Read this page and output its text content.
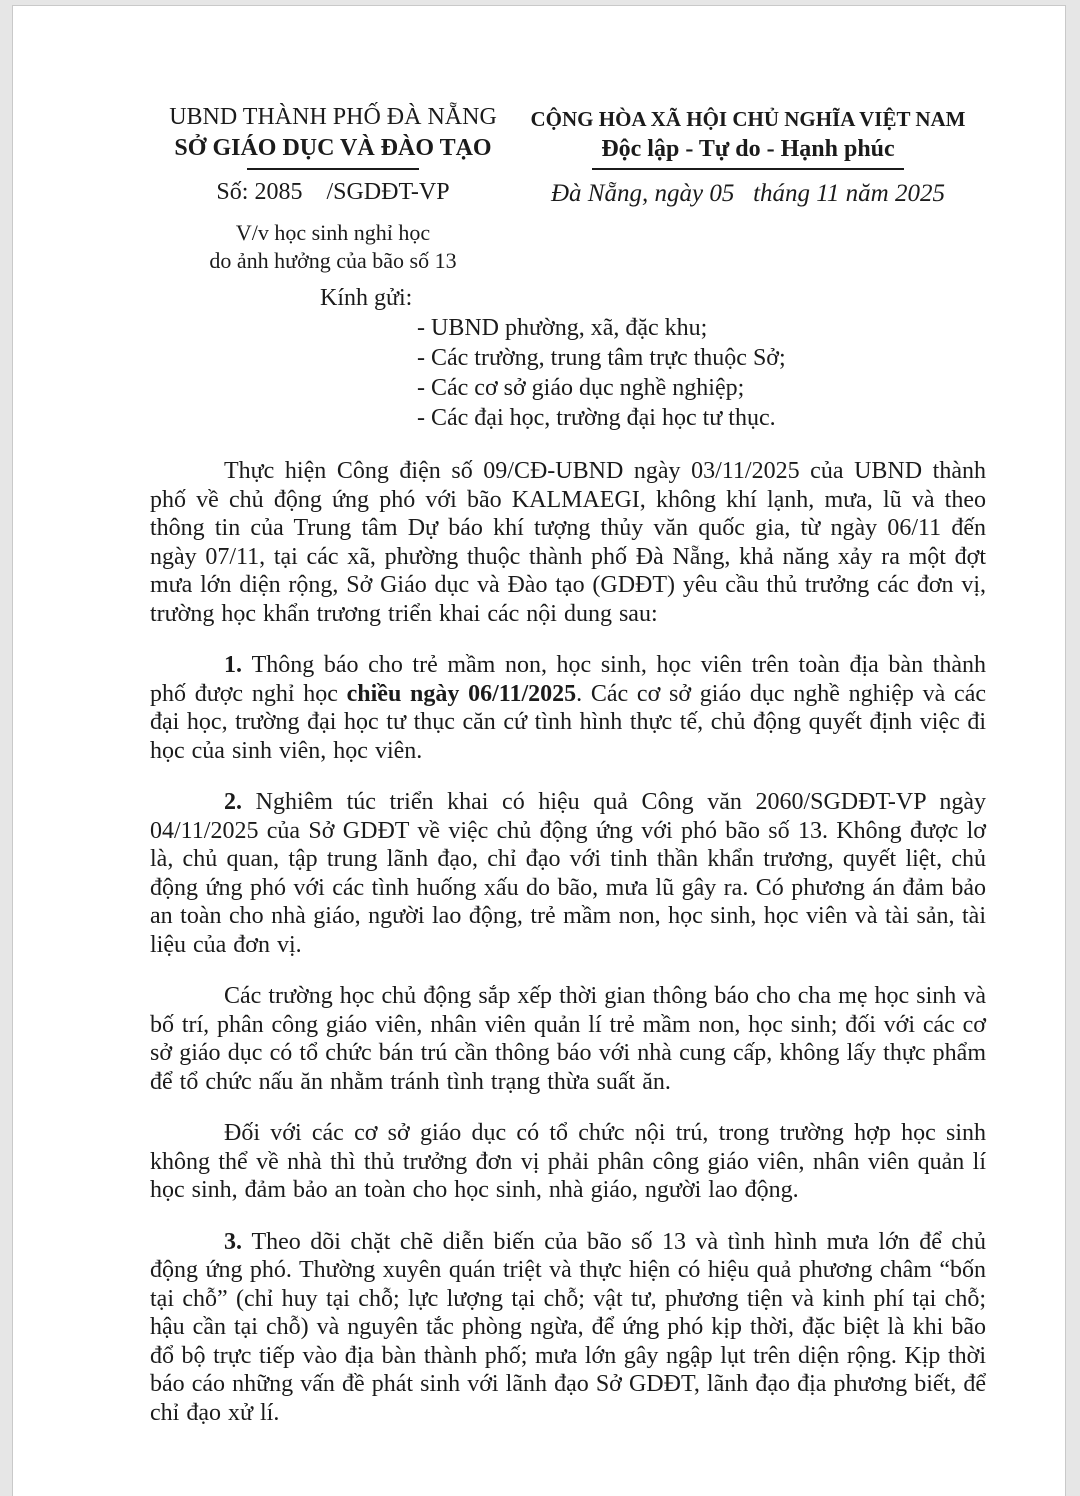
UBND THÀNH PHỐ ĐÀ NẴNG
SỞ GIÁO DỤC VÀ ĐÀO TẠO
Số: 2085    /SGDĐT-VP
V/v học sinh nghỉ học
do ảnh hưởng của bão số 13
CỘNG HÒA XÃ HỘI CHỦ NGHĨA VIỆT NAM
Độc lập - Tự do - Hạnh phúc
Đà Nẵng, ngày 05   tháng 11 năm 2025
Kính gửi:
- UBND phường, xã, đặc khu;
- Các trường, trung tâm trực thuộc Sở;
- Các cơ sở giáo dục nghề nghiệp;
- Các đại học, trường đại học tư thục.

Thực hiện Công điện số 09/CĐ-UBND ngày 03/11/2025 của UBND thành phố về chủ động ứng phó với bão KALMAEGI, không khí lạnh, mưa, lũ và theo thông tin của Trung tâm Dự báo khí tượng thủy văn quốc gia, từ ngày 06/11 đến ngày 07/11, tại các xã, phường thuộc thành phố Đà Nẵng, khả năng xảy ra một đợt mưa lớn diện rộng, Sở Giáo dục và Đào tạo (GDĐT) yêu cầu thủ trưởng các đơn vị, trường học khẩn trương triển khai các nội dung sau:

1. Thông báo cho trẻ mầm non, học sinh, học viên trên toàn địa bàn thành phố được nghỉ học chiều ngày 06/11/2025. Các cơ sở giáo dục nghề nghiệp và các đại học, trường đại học tư thục căn cứ tình hình thực tế, chủ động quyết định việc đi học của sinh viên, học viên.

2. Nghiêm túc triển khai có hiệu quả Công văn 2060/SGDĐT-VP ngày 04/11/2025 của Sở GDĐT về việc chủ động ứng với phó bão số 13. Không được lơ là, chủ quan, tập trung lãnh đạo, chỉ đạo với tinh thần khẩn trương, quyết liệt, chủ động ứng phó với các tình huống xấu do bão, mưa lũ gây ra. Có phương án đảm bảo an toàn cho nhà giáo, người lao động, trẻ mầm non, học sinh, học viên và tài sản, tài liệu của đơn vị.

Các trường học chủ động sắp xếp thời gian thông báo cho cha mẹ học sinh và bố trí, phân công giáo viên, nhân viên quản lí trẻ mầm non, học sinh; đối với các cơ sở giáo dục có tổ chức bán trú cần thông báo với nhà cung cấp, không lấy thực phẩm để tổ chức nấu ăn nhằm tránh tình trạng thừa suất ăn.

Đối với các cơ sở giáo dục có tổ chức nội trú, trong trường hợp học sinh không thể về nhà thì thủ trưởng đơn vị phải phân công giáo viên, nhân viên quản lí học sinh, đảm bảo an toàn cho học sinh, nhà giáo, người lao động.

3. Theo dõi chặt chẽ diễn biến của bão số 13 và tình hình mưa lớn để chủ động ứng phó. Thường xuyên quán triệt và thực hiện có hiệu quả phương châm “bốn tại chỗ” (chỉ huy tại chỗ; lực lượng tại chỗ; vật tư, phương tiện và kinh phí tại chỗ; hậu cần tại chỗ) và nguyên tắc phòng ngừa, để ứng phó kịp thời, đặc biệt là khi bão đổ bộ trực tiếp vào địa bàn thành phố; mưa lớn gây ngập lụt trên diện rộng. Kịp thời báo cáo những vấn đề phát sinh với lãnh đạo Sở GDĐT, lãnh đạo địa phương biết, để chỉ đạo xử lí.
